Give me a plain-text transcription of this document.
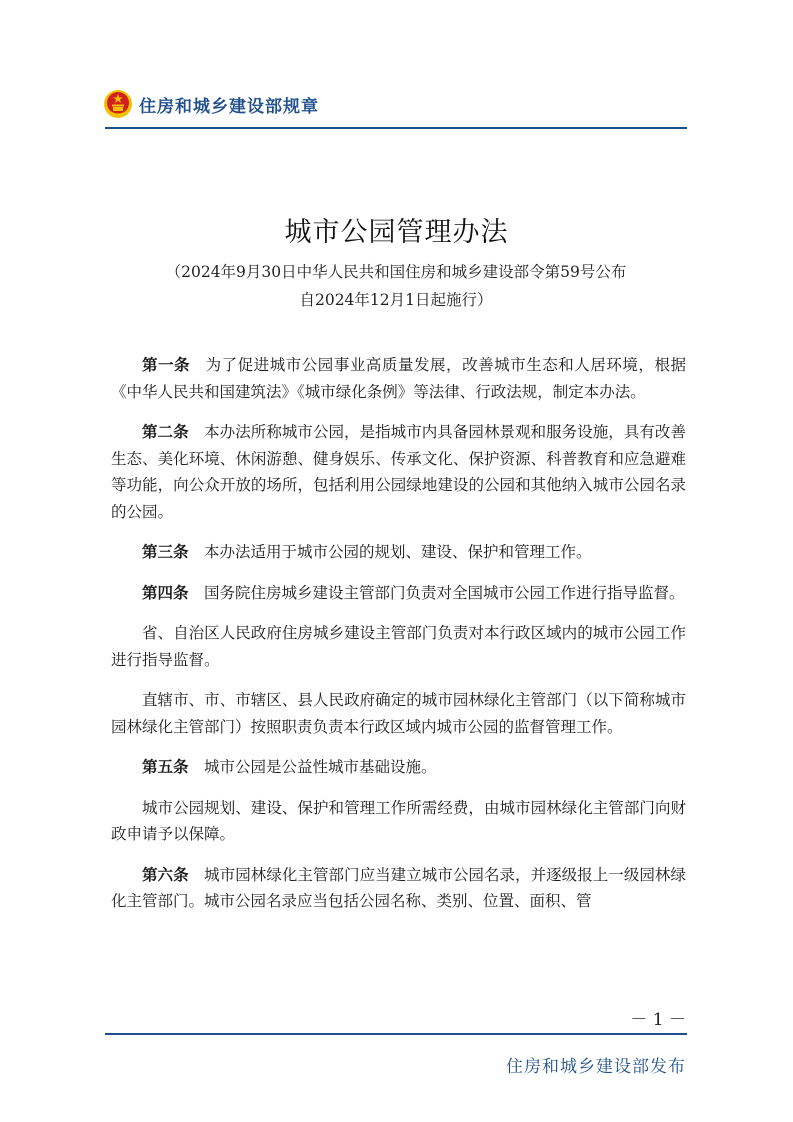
住房和城乡建设部规章
城市公园管理办法
（2024年9月30日中华人民共和国住房和城乡建设部令第59号公布
自2024年12月1日起施行）

第一条 为了促进城市公园事业高质量发展，改善城市生态和人居环境，根据《中华人民共和国建筑法》《城市绿化条例》等法律、行政法规，制定本办法。

第二条 本办法所称城市公园，是指城市内具备园林景观和服务设施，具有改善生态、美化环境、休闲游憩、健身娱乐、传承文化、保护资源、科普教育和应急避难等功能，向公众开放的场所，包括利用公园绿地建设的公园和其他纳入城市公园名录的公园。

第三条 本办法适用于城市公园的规划、建设、保护和管理工作。

第四条 国务院住房城乡建设主管部门负责对全国城市公园工作进行指导监督。

省、自治区人民政府住房城乡建设主管部门负责对本行政区域内的城市公园工作进行指导监督。

直辖市、市、市辖区、县人民政府确定的城市园林绿化主管部门（以下简称城市园林绿化主管部门）按照职责负责本行政区域内城市公园的监督管理工作。

第五条 城市公园是公益性城市基础设施。

城市公园规划、建设、保护和管理工作所需经费，由城市园林绿化主管部门向财政申请予以保障。

第六条 城市园林绿化主管部门应当建立城市公园名录，并逐级报上一级园林绿化主管部门。城市公园名录应当包括公园名称、类别、位置、面积、管

－ 1 －
住房和城乡建设部发布
